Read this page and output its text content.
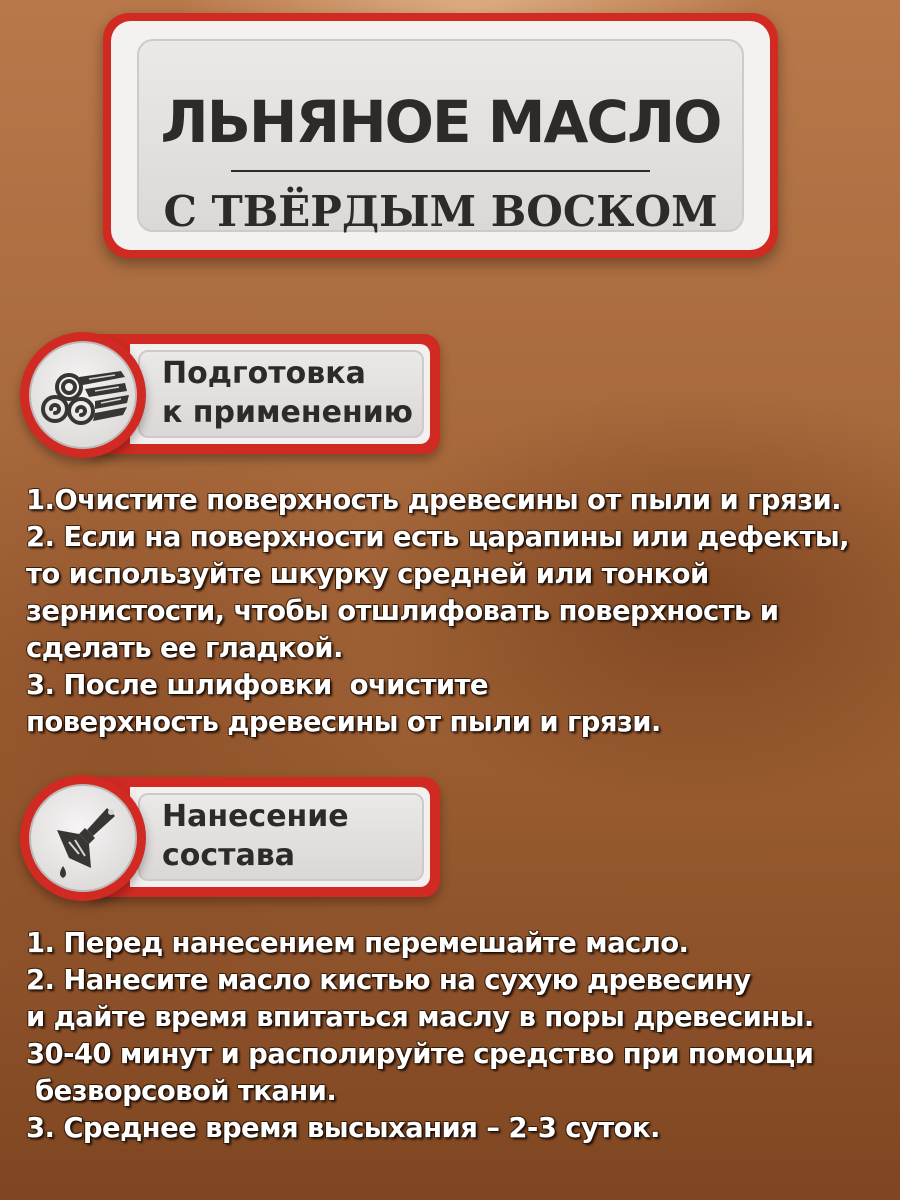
ЛЬНЯНОЕ МАСЛО
С ТВЁРДЫМ ВОСКОМ
Подготовка
к применению
1.Очистите поверхность древесины от пыли и грязи.
2. Если на поверхности есть царапины или дефекты,
то используйте шкурку средней или тонкой
зернистости, чтобы отшлифовать поверхность и
сделать ее гладкой.
3. После шлифовки  очистите
поверхность древесины от пыли и грязи.
Нанесение
состава
1. Перед нанесением перемешайте масло.
2. Нанесите масло кистью на сухую древесину
и дайте время впитаться маслу в поры древесины.
30-40 минут и располируйте средство при помощи
безворсовой ткани.
3. Среднее время высыхания – 2-3 суток.
